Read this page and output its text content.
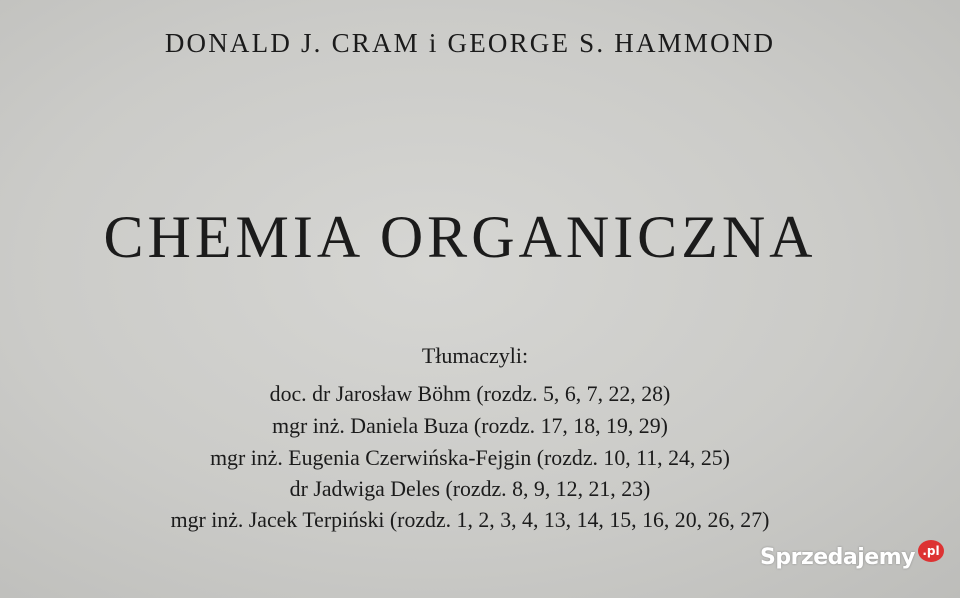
DONALD J. CRAM i GEORGE S. HAMMOND
CHEMIA ORGANICZNA
Tłumaczyli:
doc. dr Jarosław Böhm (rozdz. 5, 6, 7, 22, 28)
mgr inż. Daniela Buza (rozdz. 17, 18, 19, 29)
mgr inż. Eugenia Czerwińska-Fejgin (rozdz. 10, 11, 24, 25)
dr Jadwiga Deles (rozdz. 8, 9, 12, 21, 23)
mgr inż. Jacek Terpiński (rozdz. 1, 2, 3, 4, 13, 14, 15, 16, 20, 26, 27)
Sprzedajemy .pl
